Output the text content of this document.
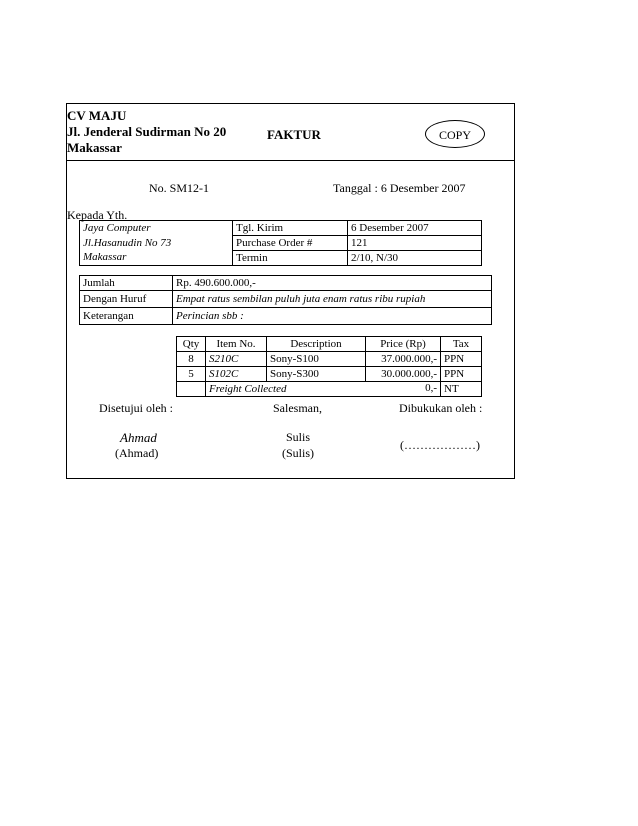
CV MAJU
Jl. Jenderal Sudirman No 20
Makassar
FAKTUR	COPY
No. SM12-1	Tanggal : 6 Desember 2007
Kepada Yth.
Jaya Computer	Tgl. Kirim	6 Desember 2007
Jl.Hasanudin No 73	Purchase Order #	121
Makassar	Termin	2/10, N/30
Jumlah	Rp. 490.600.000,-
Dengan Huruf	Empat ratus sembilan puluh juta enam ratus ribu rupiah
Keterangan	Perincian sbb :
Qty	Item No.	Description	Price (Rp)	Tax
8	S210C	Sony-S100	37.000.000,-	PPN
5	S102C	Sony-S300	30.000.000,-	PPN
	Freight Collected 0,-			NT
Disetujui oleh :	Salesman,	Dibukukan oleh :
Ahmad
(Ahmad)
Sulis
(Sulis)
(………………)
